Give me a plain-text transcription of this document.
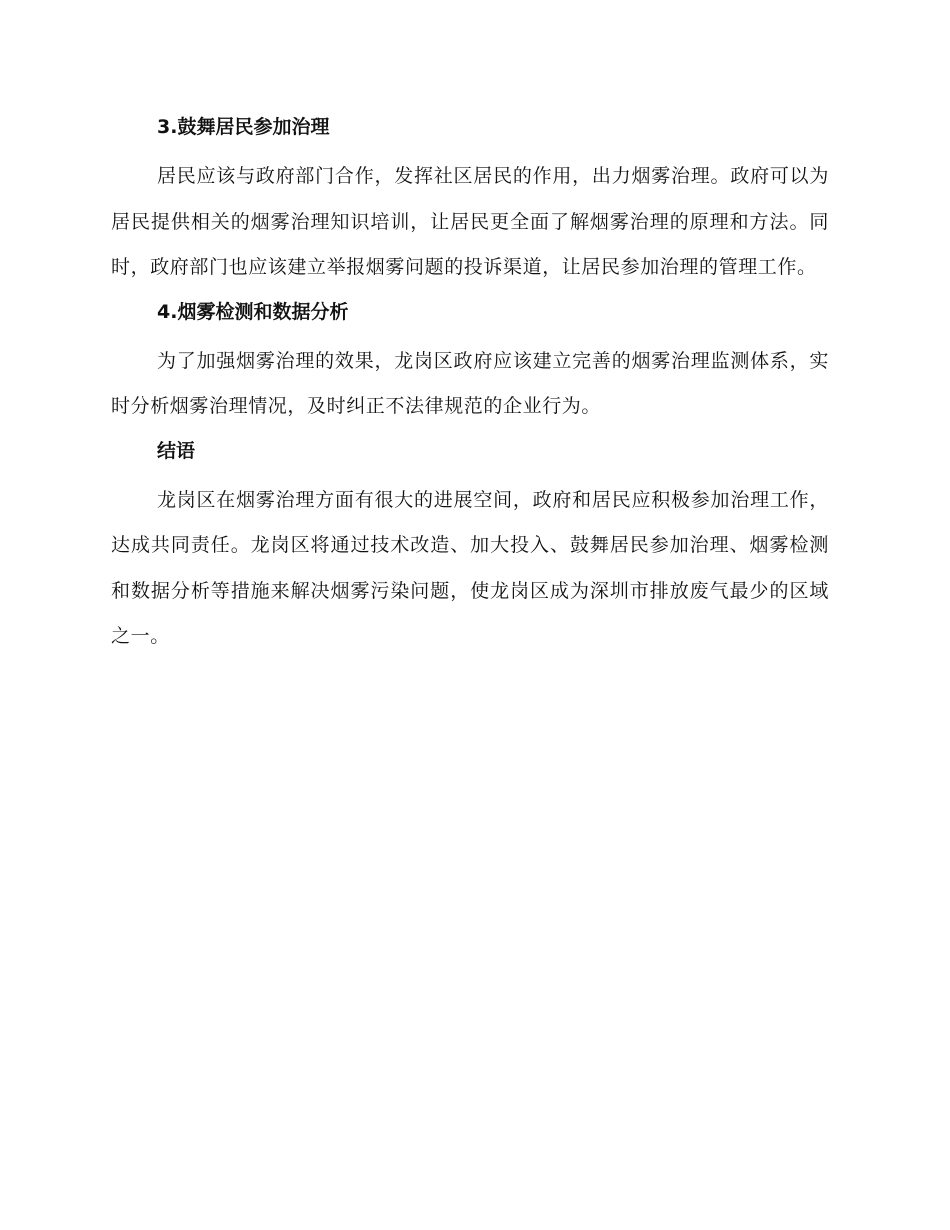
3.鼓舞居民参加治理

居民应该与政府部门合作，发挥社区居民的作用，出力烟雾治理。政府可以为居民提供相关的烟雾治理知识培训，让居民更全面了解烟雾治理的原理和方法。同时，政府部门也应该建立举报烟雾问题的投诉渠道，让居民参加治理的管理工作。

4.烟雾检测和数据分析

为了加强烟雾治理的效果，龙岗区政府应该建立完善的烟雾治理监测体系，实时分析烟雾治理情况，及时纠正不法律规范的企业行为。

结语

龙岗区在烟雾治理方面有很大的进展空间，政府和居民应积极参加治理工作，达成共同责任。龙岗区将通过技术改造、加大投入、鼓舞居民参加治理、烟雾检测和数据分析等措施来解决烟雾污染问题，使龙岗区成为深圳市排放废气最少的区域之一。
